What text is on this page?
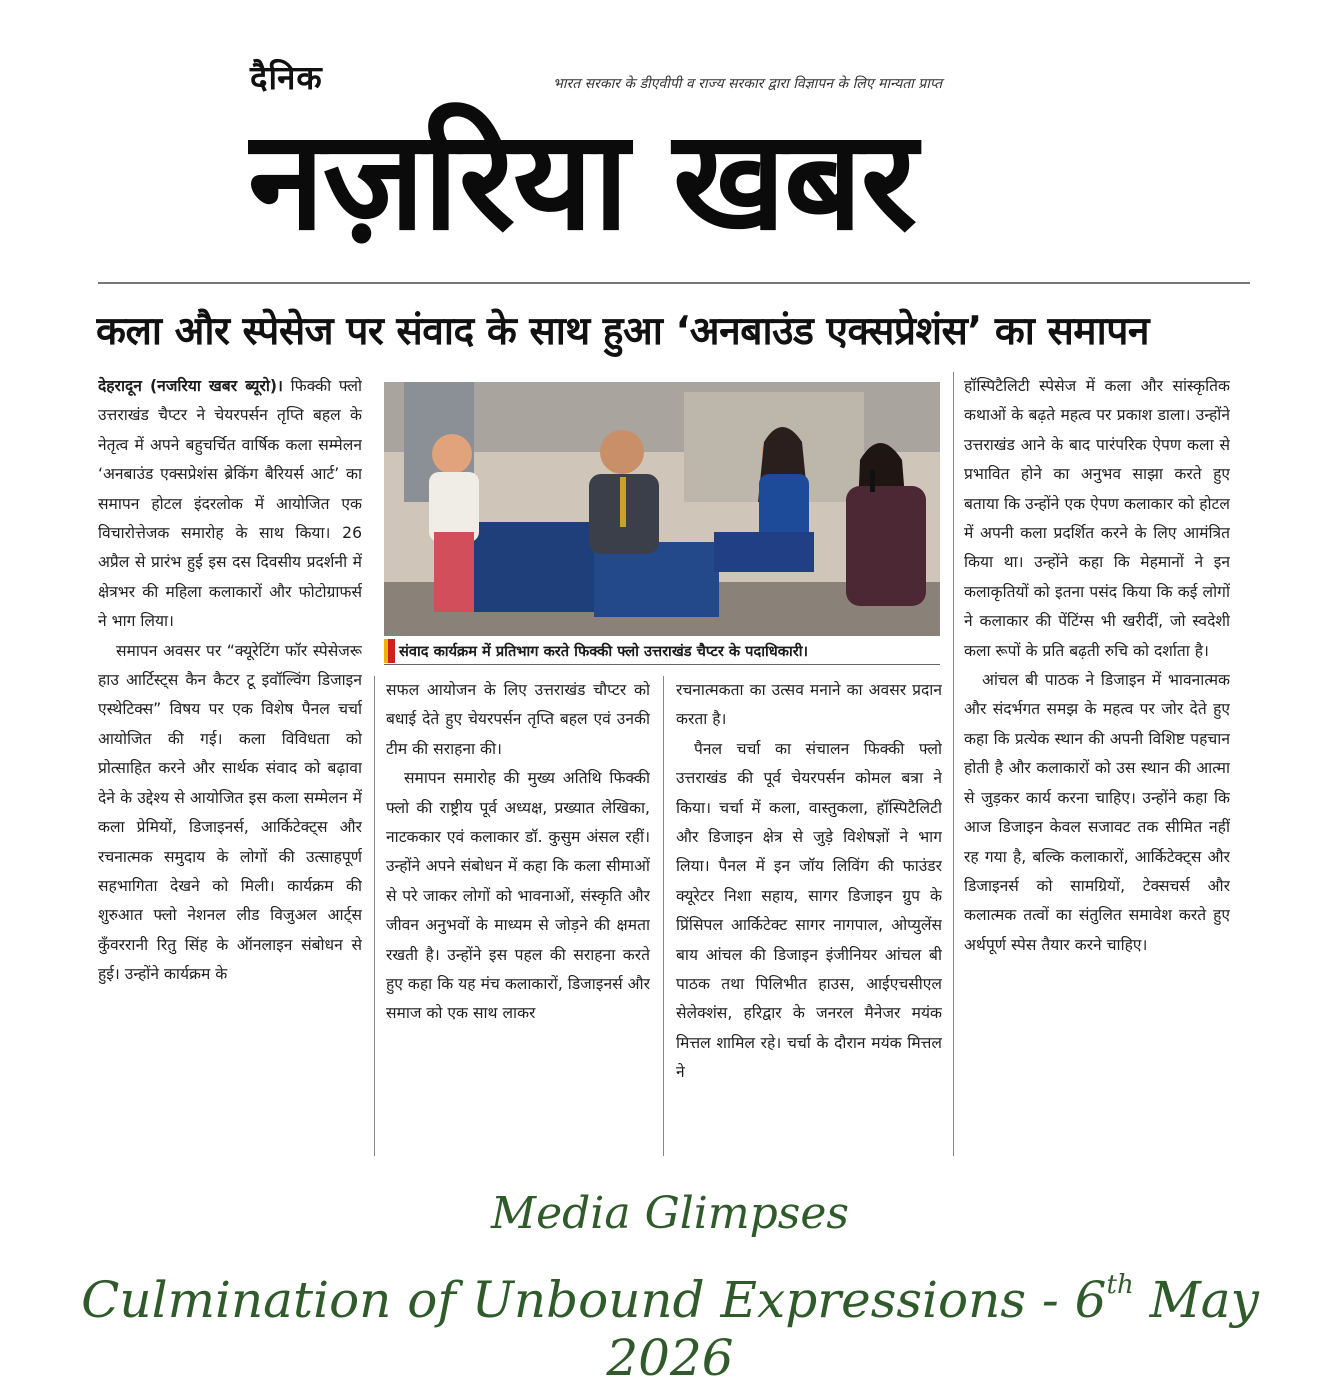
दैनिक	भारत सरकार के डीएवीपी व राज्य सरकार द्वारा विज्ञापन के लिए मान्यता प्राप्त
नज़रिया खबर
कला और स्पेसेज पर संवाद के साथ हुआ ‘अनबाउंड एक्सप्रेशंस’ का समापन

देहरादून (नजरिया खबर ब्यूरो)। फिक्की फ्लो उत्तराखंड चैप्टर ने चेयरपर्सन तृप्ति बहल के नेतृत्व में अपने बहुचर्चित वार्षिक कला सम्मेलन ‘अनबाउंड एक्सप्रेशंस ब्रेकिंग बैरियर्स आर्ट’ का समापन होटल इंदरलोक में आयोजित एक विचारोत्तेजक समारोह के साथ किया। 26 अप्रैल से प्रारंभ हुई इस दस दिवसीय प्रदर्शनी में क्षेत्रभर की महिला कलाकारों और फोटोग्राफर्स ने भाग लिया।

समापन अवसर पर “क्यूरेटिंग फॉर स्पेसेजरू हाउ आर्टिस्ट्स कैन कैटर टू इवॉल्विंग डिजाइन एस्थेटिक्स” विषय पर एक विशेष पैनल चर्चा आयोजित की गई। कला विविधता को प्रोत्साहित करने और सार्थक संवाद को बढ़ावा देने के उद्देश्य से आयोजित इस कला सम्मेलन में कला प्रेमियों, डिजाइनर्स, आर्किटेक्ट्स और रचनात्मक समुदाय के लोगों की उत्साहपूर्ण सहभागिता देखने को मिली। कार्यक्रम की शुरुआत फ्लो नेशनल लीड विजुअल आर्ट्स कुँवररानी रितु सिंह के ऑनलाइन संबोधन से हुई। उन्होंने कार्यक्रम के

संवाद कार्यक्रम में प्रतिभाग करते फिक्की फ्लो उत्तराखंड चैप्टर के पदाधिकारी।

सफल आयोजन के लिए उत्तराखंड चौप्टर को बधाई देते हुए चेयरपर्सन तृप्ति बहल एवं उनकी टीम की सराहना की।

समापन समारोह की मुख्य अतिथि फिक्की फ्लो की राष्ट्रीय पूर्व अध्यक्ष, प्रख्यात लेखिका, नाटककार एवं कलाकार डॉ. कुसुम अंसल रहीं। उन्होंने अपने संबोधन में कहा कि कला सीमाओं से परे जाकर लोगों को भावनाओं, संस्कृति और जीवन अनुभवों के माध्यम से जोड़ने की क्षमता रखती है। उन्होंने इस पहल की सराहना करते हुए कहा कि यह मंच कलाकारों, डिजाइनर्स और समाज को एक साथ लाकर

रचनात्मकता का उत्सव मनाने का अवसर प्रदान करता है।

पैनल चर्चा का संचालन फिक्की फ्लो उत्तराखंड की पूर्व चेयरपर्सन कोमल बत्रा ने किया। चर्चा में कला, वास्तुकला, हॉस्पिटैलिटी और डिजाइन क्षेत्र से जुड़े विशेषज्ञों ने भाग लिया। पैनल में इन जॉय लिविंग की फाउंडर क्यूरेटर निशा सहाय, सागर डिजाइन ग्रुप के प्रिंसिपल आर्किटेक्ट सागर नागपाल, ओप्युलेंस बाय आंचल की डिजाइन इंजीनियर आंचल बी पाठक तथा पिलिभीत हाउस, आईएचसीएल सेलेक्शंस, हरिद्वार के जनरल मैनेजर मयंक मित्तल शामिल रहे। चर्चा के दौरान मयंक मित्तल ने

हॉस्पिटैलिटी स्पेसेज में कला और सांस्कृतिक कथाओं के बढ़ते महत्व पर प्रकाश डाला। उन्होंने उत्तराखंड आने के बाद पारंपरिक ऐपण कला से प्रभावित होने का अनुभव साझा करते हुए बताया कि उन्होंने एक ऐपण कलाकार को होटल में अपनी कला प्रदर्शित करने के लिए आमंत्रित किया था। उन्होंने कहा कि मेहमानों ने इन कलाकृतियों को इतना पसंद किया कि कई लोगों ने कलाकार की पेंटिंग्स भी खरीदीं, जो स्वदेशी कला रूपों के प्रति बढ़ती रुचि को दर्शाता है।

आंचल बी पाठक ने डिजाइन में भावनात्मक और संदर्भगत समझ के महत्व पर जोर देते हुए कहा कि प्रत्येक स्थान की अपनी विशिष्ट पहचान होती है और कलाकारों को उस स्थान की आत्मा से जुड़कर कार्य करना चाहिए। उन्होंने कहा कि आज डिजाइन केवल सजावट तक सीमित नहीं रह गया है, बल्कि कलाकारों, आर्किटेक्ट्स और डिजाइनर्स को सामग्रियों, टेक्सचर्स और कलात्मक तत्वों का संतुलित समावेश करते हुए अर्थपूर्ण स्पेस तैयार करने चाहिए।

Media Glimpses
Culmination of Unbound Expressions - 6th May 2026
